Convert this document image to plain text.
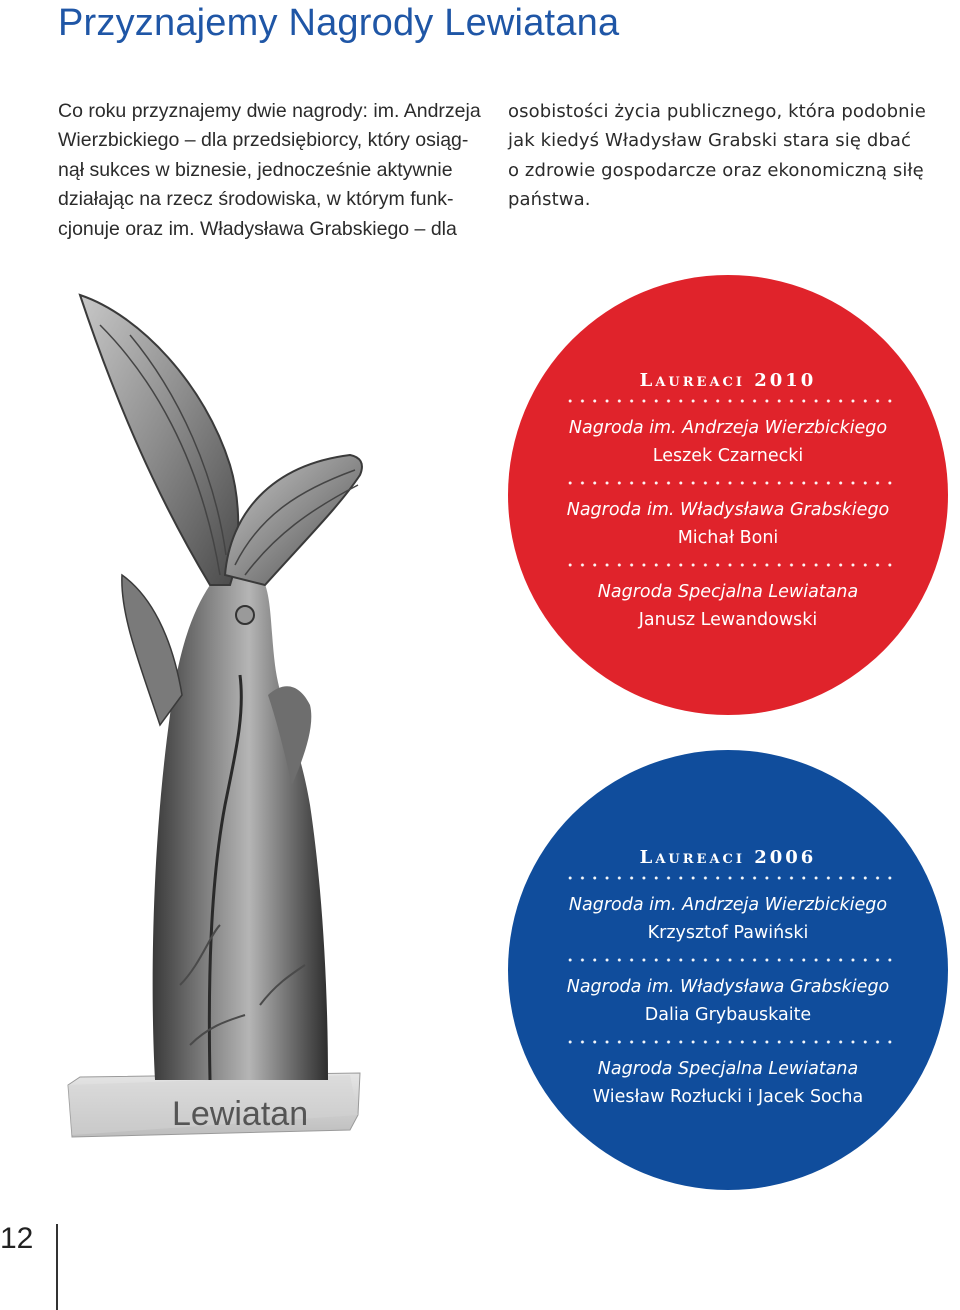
Przyznajemy Nagrody Lewiatana
Co roku przyznajemy dwie nagrody: im. Andrzeja
Wierzbickiego – dla przedsiębiorcy, który osiąg-
nął sukces w biznesie, jednocześnie aktywnie
działając na rzecz środowiska, w którym funk-
cjonuje oraz im. Władysława Grabskiego – dla
osobistości życia publicznego, która podobnie
jak kiedyś Władysław Grabski stara się dbać
o zdrowie gospodarcze oraz ekonomiczną siłę
państwa.
Lewiatan
Laureaci 2010
Nagroda im. Andrzeja Wierzbickiego
Leszek Czarnecki
Nagroda im. Władysława Grabskiego
Michał Boni
Nagroda Specjalna Lewiatana
Janusz Lewandowski
Laureaci 2006
Nagroda im. Andrzeja Wierzbickiego
Krzysztof Pawiński
Nagroda im. Władysława Grabskiego
Dalia Grybauskaite
Nagroda Specjalna Lewiatana
Wiesław Rozłucki i Jacek Socha
12
